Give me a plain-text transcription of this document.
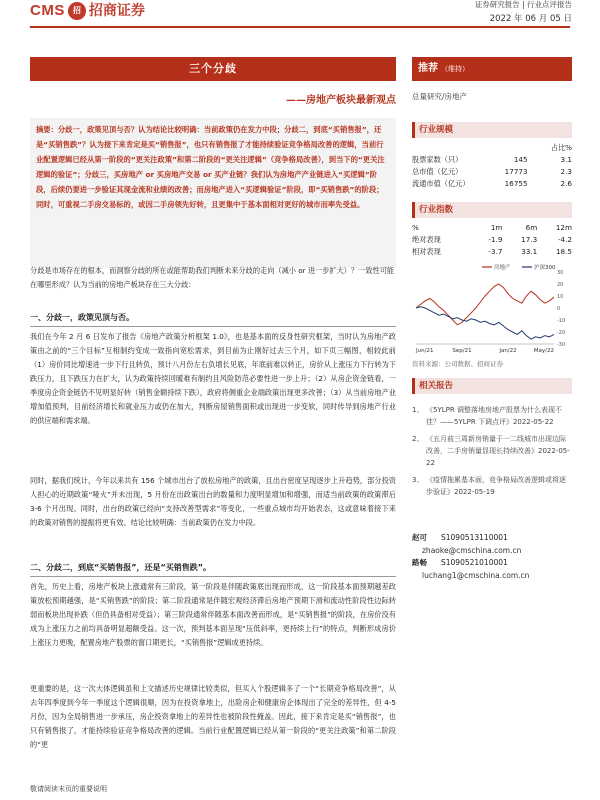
CMS	招 招商证券	证券研究报告 | 行业点评报告
2022 年 06 月 05 日
三个分歧
——房地产板块最新观点
摘要：分歧一，政策见顶与否？认为结论比较明确：当前政策仍在发力中段；分歧二，到底“买销售报”，还是“买销售跌”？认为接下来肯定是买“销售报”，也只有销售报了才能持续验证竞争格局改善的逻辑，当前行业配置逻辑已经从第一阶段的“更关注政策”和第二阶段的“更关注逻辑”（竞争格局改善），到当下的“更关注逻辑的验证”；分歧三，买房地产 or 买房地产交易 or 买产业链？我们认为房地产产业链进入“买逻辑”阶段，后续仍要进一步验证其现金流和业绩的改善；而房地产进入“买逻辑验证”阶段，即“买销售跌”的阶段；同时，可重视二手房交易标的，或因二手房领先好转，且更集中于基本面相对更好的城市而率先受益。
分歧是市场存在的根本，而洞察分歧的所在或能帮助我们判断未来分歧的走向（减小 or 进一步扩大）？一致性可能在哪里形成？认为当前的房地产板块存在三大分歧：
一、分歧一，政策见顶与否。
我们在今年 2 月 6 日发布了报告《房地产政策分析框架 1.0》，也是基本面的反身性研究框架，当时认为房地产政策由之前的“三个目标”互相制约变成一致指向宽松需求，到目前为止刚好过去三个月，如下页三幅图，相较此前（1）房价同比增速进一步下行且转负，预计八月份左右负增长见底，年底前难以转正，房价从上涨压力下行转为下跌压力，且下跌压力在扩大，认为政策持续回暖难有制约且风险防范必要性进一步上升；（2）从房企资金链看，一季度房企资金链仍不见明显好转（销售金额持续下跌），政府将侧重企业端政策出现更多改善；（3）从当前房地产业增加值预判，目前经济增长和就业压力或仍在加大，判断房屋销售面积或出现进一步变软，同时传导到房地产行业的供应端和需求端。
同时，据我们统计，今年以来共有 156 个城市出台了放松房地产的政策，且出台密度呈现逐步上升趋势，部分投资人担心的近期政策“哑火”并未出现，5 月份在出政策出台的数量和力度明显增加和增强，而适当前政策的政策滞后 3-6 个月出现。同时，出台的政策已经向“支持改善型需求”等变化，一些重点城市均开始表态，这或意味着接下来的政策对销售的提振将更有效。结论比较明确：当前政策仍在发力中段。
二、分歧二，到底“买销售报”，还是“买销售跌”。
首先，历史上看，房地产板块上涨通常有三阶段，第一阶段是伴随政策底出现而形成，这一阶段基本面预期越差政策放松预期越强，是“买销售跌”的阶段；第二阶段通常是伴随宏观经济滞后房地产预期下滑和流动性阶段性边际转弱而板块出现补跌（但仍具备相对受益）；第三阶段通常伴随基本面改善而形成，是“买销售报”的阶段，在房价没有成为上涨压力之前均具备明显超额受益。这一次，预判基本面呈现“压低斜率，更持续上行”的特点，判断形成房价上涨压力更晚，配置房地产股票的窗口期更长，“买销售报”逻辑成更持续。
更重要的是，这一次大体逻辑虽和上文描述历史规律比较类似，但买入个股逻辑多了一个“长期竞争格局改善”，从去年四季度到今年一季度这个逻辑很顺，因为在投资拿地上，出险房企和健康房企体现出了完全的差异性，但 4-5 月份，因为全局销售进一步承压，房企投资拿地上的差异性也被阶段性掩盖。因此，接下来肯定是买“销售报”，也只有销售报了，才能持续验证竞争格局改善的逻辑。当前行业配置逻辑已经从第一阶段的“更关注政策”和第二阶段的“更
推荐 （维持）
总量研究/房地产
行业规模
占比%
股票家数（只）	145	3.1
总市值（亿元）	17773	2.3
流通市值（亿元）	16755	2.6
行业指数
%	1m	6m	12m
绝对表现	-1.9	17.3	-4.2
相对表现	-3.7	33.1	18.5
30
20
10
0
-10
-20
-30
Jun/21	Sep/21	Jan/22	May/22
房地产	沪深300
资料来源：公司数据、招商证券
相关报告
1、 《5YLPR 调整落地房地产股票为什么表现不佳？——5YLPR 下调点评》2022-05-22
2、 《五月前三周新房销量于一二线城市出现边际改善，二手房销量显现长持续改善》2022-05-22
3、 《疫情拖累基本面，竞争格局改善逻辑或将逐步验证》2022-05-19
赵可 S1090513110001
zhaoke@cmschina.com.cn
路畅 S1090521010001
luchang1@cmschina.com.cn
敬请阅读末页的重要说明
